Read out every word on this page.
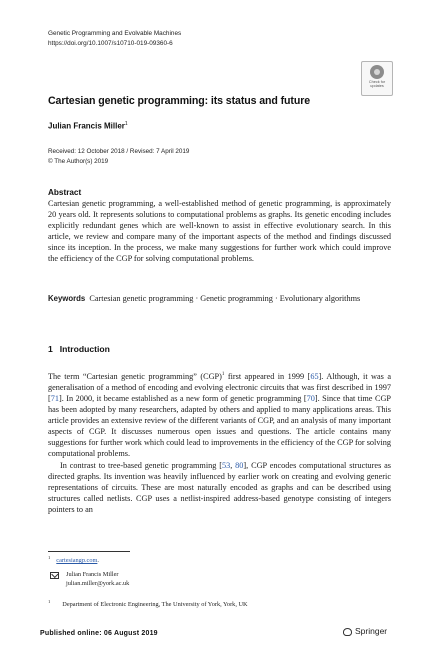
Genetic Programming and Evolvable Machines
https://doi.org/10.1007/s10710-019-09360-6
Check for
updates
Cartesian genetic programming: its status and future
Julian Francis Miller$^1$
Received: 12 October 2018 / Revised: 7 April 2019
© The Author(s) 2019
Abstract
Cartesian genetic programming, a well-established method of genetic programming, is approximately 20 years old. It represents solutions to computational problems as graphs. Its genetic encoding includes explicitly redundant genes which are well-known to assist in effective evolutionary search. In this article, we review and compare many of the important aspects of the method and findings discussed since its inception. In the process, we make many suggestions for further work which could improve the efficiency of the CGP for solving computational problems.
Keywords Cartesian genetic programming · Genetic programming · Evolutionary algorithms
1 Introduction

The term “Cartesian genetic programming” (CGP)$^1$ first appeared in 1999 [65]. Although, it was a generalisation of a method of encoding and evolving electronic circuits that was first described in 1997 [71]. In 2000, it became established as a new form of genetic programming [70]. Since that time CGP has been adopted by many researchers, adapted by others and applied to many applications areas. This article provides an extensive review of the different variants of CGP, and an analysis of many important aspects of CGP. It discusses numerous open issues and questions. The article contains many suggestions for further work which could lead to improvements in the efficiency of the CGP for solving computational problems.

In contrast to tree-based genetic programming [53, 80], CGP encodes computational structures as directed graphs. Its invention was heavily influenced by earlier work on creating and evolving generic representations of circuits. These are most naturally encoded as graphs and can be described using structures called netlists. CGP uses a netlist-inspired address-based genotype consisting of integers pointers to an

$^1$ cartesiangp.com.
Julian Francis Miller
julian.miller@york.ac.uk
$^1$ Department of Electronic Engineering, The University of York, York, UK
Published online: 06 August 2019	Springer
